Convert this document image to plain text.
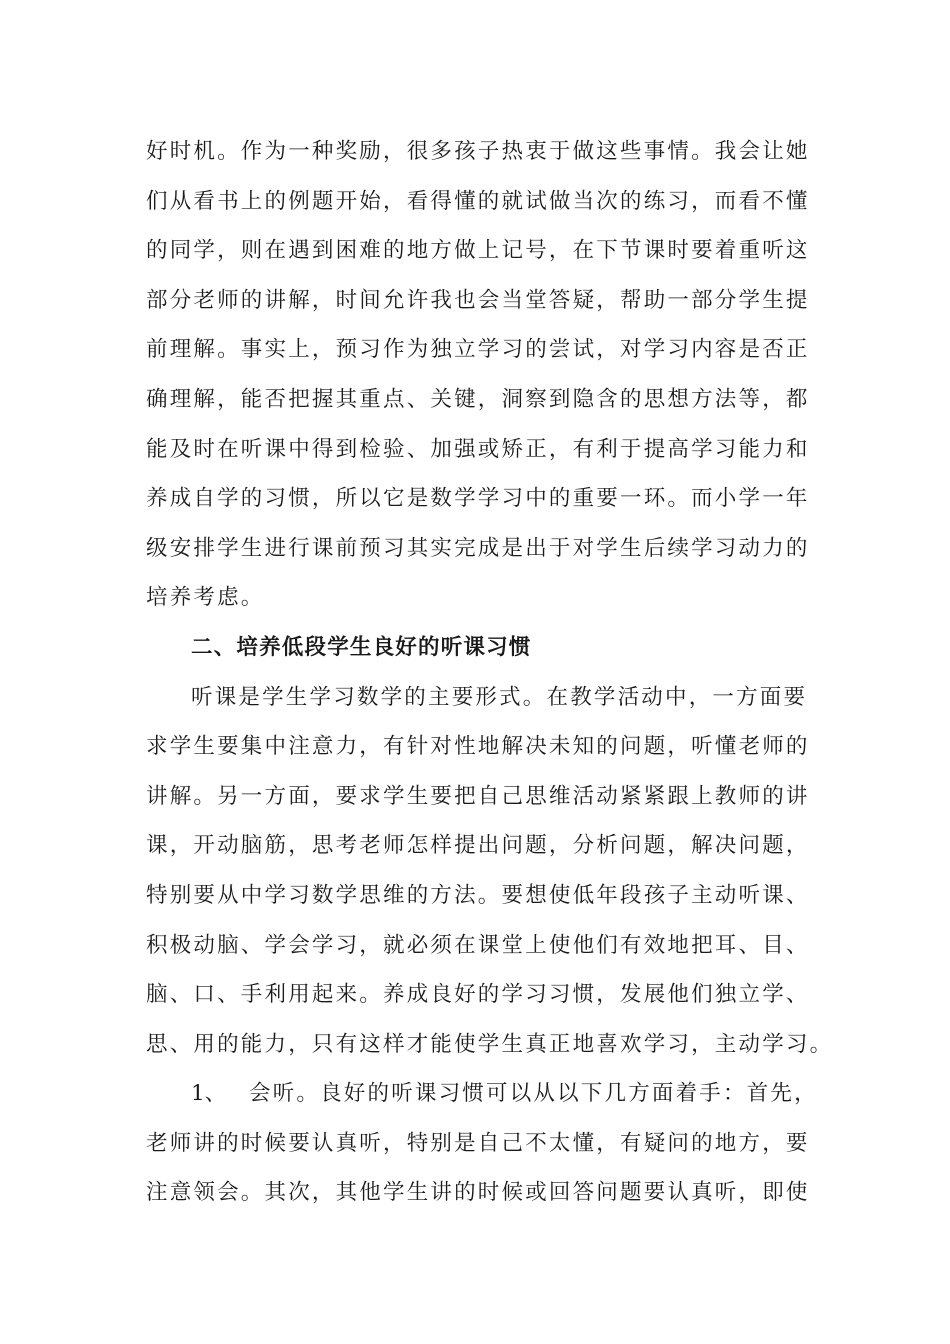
好时机。作为一种奖励，很多孩子热衷于做这些事情。我会让她
们从看书上的例题开始，看得懂的就试做当次的练习，而看不懂
的同学，则在遇到困难的地方做上记号，在下节课时要着重听这
部分老师的讲解，时间允许我也会当堂答疑，帮助一部分学生提
前理解。事实上，预习作为独立学习的尝试，对学习内容是否正
确理解，能否把握其重点、关键，洞察到隐含的思想方法等，都
能及时在听课中得到检验、加强或矫正，有利于提高学习能力和
养成自学的习惯，所以它是数学学习中的重要一环。而小学一年
级安排学生进行课前预习其实完成是出于对学生后续学习动力的
培养考虑。
二、培养低段学生良好的听课习惯
听课是学生学习数学的主要形式。在教学活动中，一方面要
求学生要集中注意力，有针对性地解决未知的问题，听懂老师的
讲解。另一方面，要求学生要把自己思维活动紧紧跟上教师的讲
课，开动脑筋，思考老师怎样提出问题，分析问题，解决问题，
特别要从中学习数学思维的方法。要想使低年段孩子主动听课、
积极动脑、学会学习，就必须在课堂上使他们有效地把耳、目、
脑、口、手利用起来。养成良好的学习习惯，发展他们独立学、
思、用的能力，只有这样才能使学生真正地喜欢学习，主动学习。
1、 会听。良好的听课习惯可以从以下几方面着手：首先，
老师讲的时候要认真听，特别是自己不太懂，有疑问的地方，要
注意领会。其次，其他学生讲的时候或回答问题要认真听，即使
